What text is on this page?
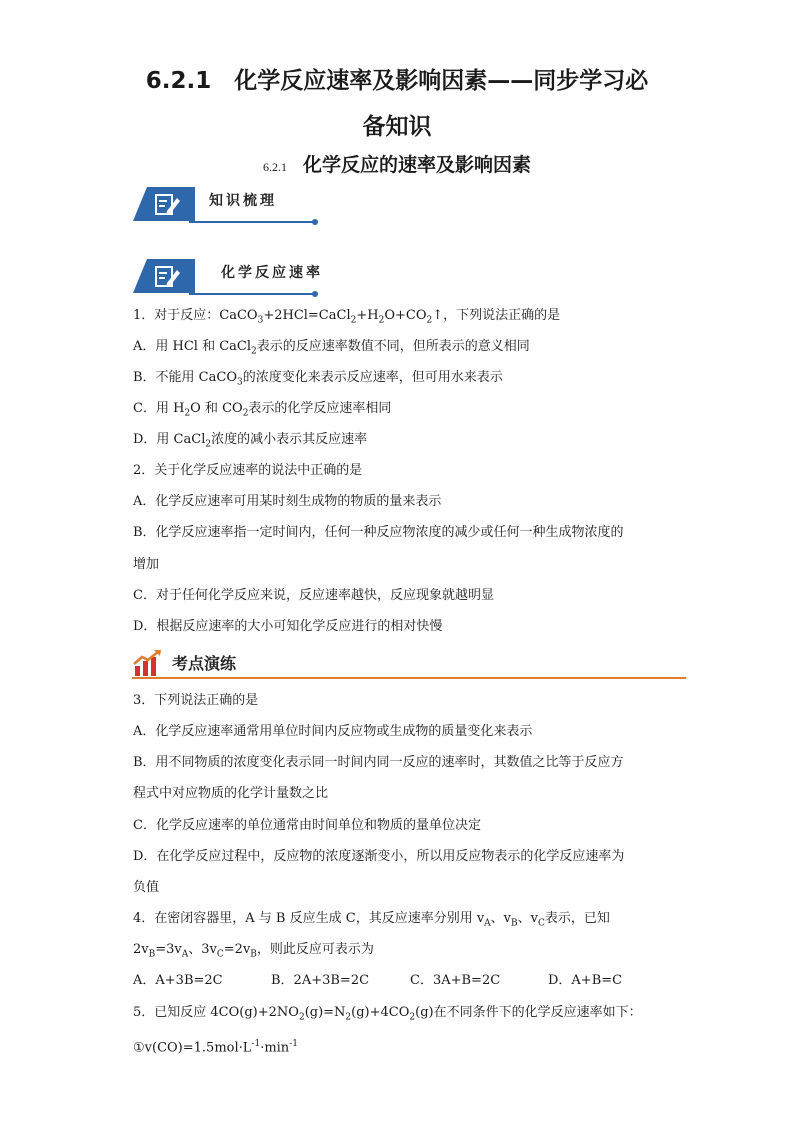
6.2.1　化学反应速率及影响因素——同步学习必
备知识
6.2.1 化学反应的速率及影响因素
知识梳理
化学反应速率
1．对于反应：$CaCO_3+2HCl=CaCl_2+H_2O+CO_2↑$，下列说法正确的是
A．用 HCl 和 CaCl$_2$表示的反应速率数值不同，但所表示的意义相同
B．不能用 CaCO$_3$的浓度变化来表示反应速率，但可用水来表示
C．用 $H_2O$ 和 $CO_2$表示的化学反应速率相同
D．用 CaCl$_2$浓度的减小表示其反应速率
2．关于化学反应速率的说法中正确的是
A．化学反应速率可用某时刻生成物的物质的量来表示
B．化学反应速率指一定时间内，任何一种反应物浓度的减少或任何一种生成物浓度的
增加
C．对于任何化学反应来说，反应速率越快，反应现象就越明显
D．根据反应速率的大小可知化学反应进行的相对快慢
考点演练
3．下列说法正确的是
A．化学反应速率通常用单位时间内反应物或生成物的质量变化来表示
B．用不同物质的浓度变化表示同一时间内同一反应的速率时，其数值之比等于反应方
程式中对应物质的化学计量数之比
C．化学反应速率的单位通常由时间单位和物质的量单位决定
D．在化学反应过程中，反应物的浓度逐渐变小，所以用反应物表示的化学反应速率为
负值
4．在密闭容器里，A 与 B 反应生成 C，其反应速率分别用 $v_A$、$v_B$、$v_C$表示，已知
$2v_B=3v_A$、$3v_C=2v_B$，则此反应可表示为
A．A+3B=2C	B．2A+3B=2C	C．3A+B=2C	D．A+B=C
5．已知反应 $4CO(g)+2NO_2(g)=N_2(g)+4CO_2(g)$在不同条件下的化学反应速率如下：
$①v(CO)=1.5mol\cdot L^{-1}\cdot\min^{-1}$
